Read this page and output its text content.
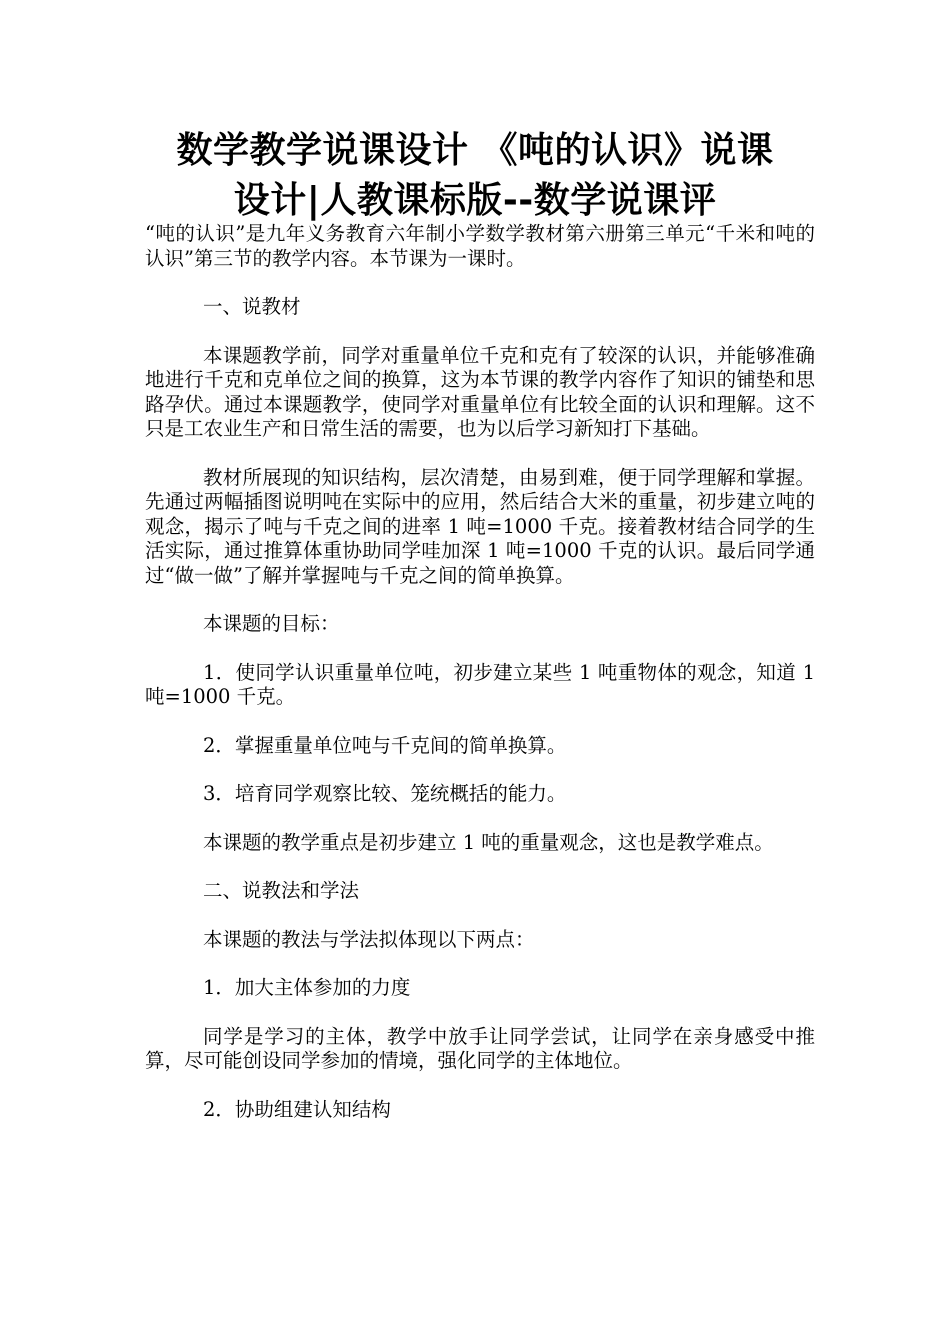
数学教学说课设计 《吨的认识》说课
设计|人教课标版--数学说课评

“吨的认识”是九年义务教育六年制小学数学教材第六册第三单元“千米和吨的认识”第三节的教学内容。本节课为一课时。

一、说教材

本课题教学前，同学对重量单位千克和克有了较深的认识，并能够准确地进行千克和克单位之间的换算，这为本节课的教学内容作了知识的铺垫和思路孕伏。通过本课题教学，使同学对重量单位有比较全面的认识和理解。这不只是工农业生产和日常生活的需要，也为以后学习新知打下基础。

教材所展现的知识结构，层次清楚，由易到难，便于同学理解和掌握。先通过两幅插图说明吨在实际中的应用，然后结合大米的重量，初步建立吨的观念，揭示了吨与千克之间的进率 1 吨=1000 千克。接着教材结合同学的生活实际，通过推算体重协助同学哇加深 1 吨=1000 千克的认识。最后同学通过“做一做”了解并掌握吨与千克之间的简单换算。

本课题的目标：

1．使同学认识重量单位吨，初步建立某些 1 吨重物体的观念，知道 1 吨=1000 千克。

2．掌握重量单位吨与千克间的简单换算。

3．培育同学观察比较、笼统概括的能力。

本课题的教学重点是初步建立 1 吨的重量观念，这也是教学难点。

二、说教法和学法

本课题的教法与学法拟体现以下两点：

1．加大主体参加的力度

同学是学习的主体，教学中放手让同学尝试，让同学在亲身感受中推算，尽可能创设同学参加的情境，强化同学的主体地位。

2．协助组建认知结构
